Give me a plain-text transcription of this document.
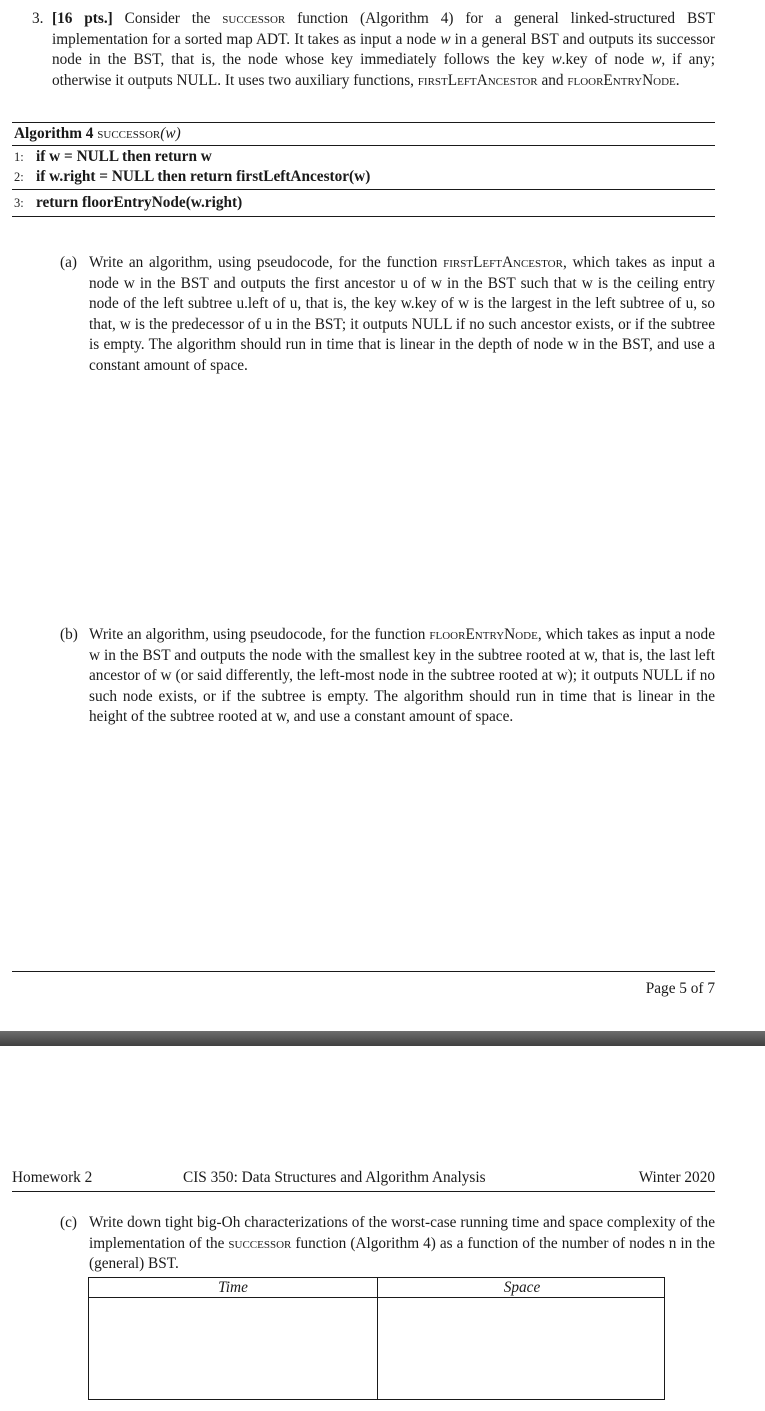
3. [16 pts.] Consider the successor function (Algorithm 4) for a general linked-structured BST implementation for a sorted map ADT. It takes as input a node w in a general BST and outputs its successor node in the BST, that is, the node whose key immediately follows the key w.key of node w, if any; otherwise it outputs NULL. It uses two auxiliary functions, firstLeftAncestor and floorEntryNode.

Algorithm 4 successor(w)
1: if w = NULL then return w
2: if w.right = NULL then return firstLeftAncestor(w)
3: return floorEntryNode(w.right)
(a) Write an algorithm, using pseudocode, for the function firstLeftAncestor, which takes as input a node w in the BST and outputs the first ancestor u of w in the BST such that w is the ceiling entry node of the left subtree u.left of u, that is, the key w.key of w is the largest in the left subtree of u, so that, w is the predecessor of u in the BST; it outputs NULL if no such ancestor exists, or if the subtree is empty. The algorithm should run in time that is linear in the depth of node w in the BST, and use a constant amount of space.

(b) Write an algorithm, using pseudocode, for the function floorEntryNode, which takes as input a node w in the BST and outputs the node with the smallest key in the subtree rooted at w, that is, the last left ancestor of w (or said differently, the left-most node in the subtree rooted at w); it outputs NULL if no such node exists, or if the subtree is empty. The algorithm should run in time that is linear in the height of the subtree rooted at w, and use a constant amount of space.

Page 5 of 7
Homework 2	CIS 350: Data Structures and Algorithm Analysis	Winter 2020
(c) Write down tight big-Oh characterizations of the worst-case running time and space complexity of the implementation of the successor function (Algorithm 4) as a function of the number of nodes n in the (general) BST.

Time	Space
